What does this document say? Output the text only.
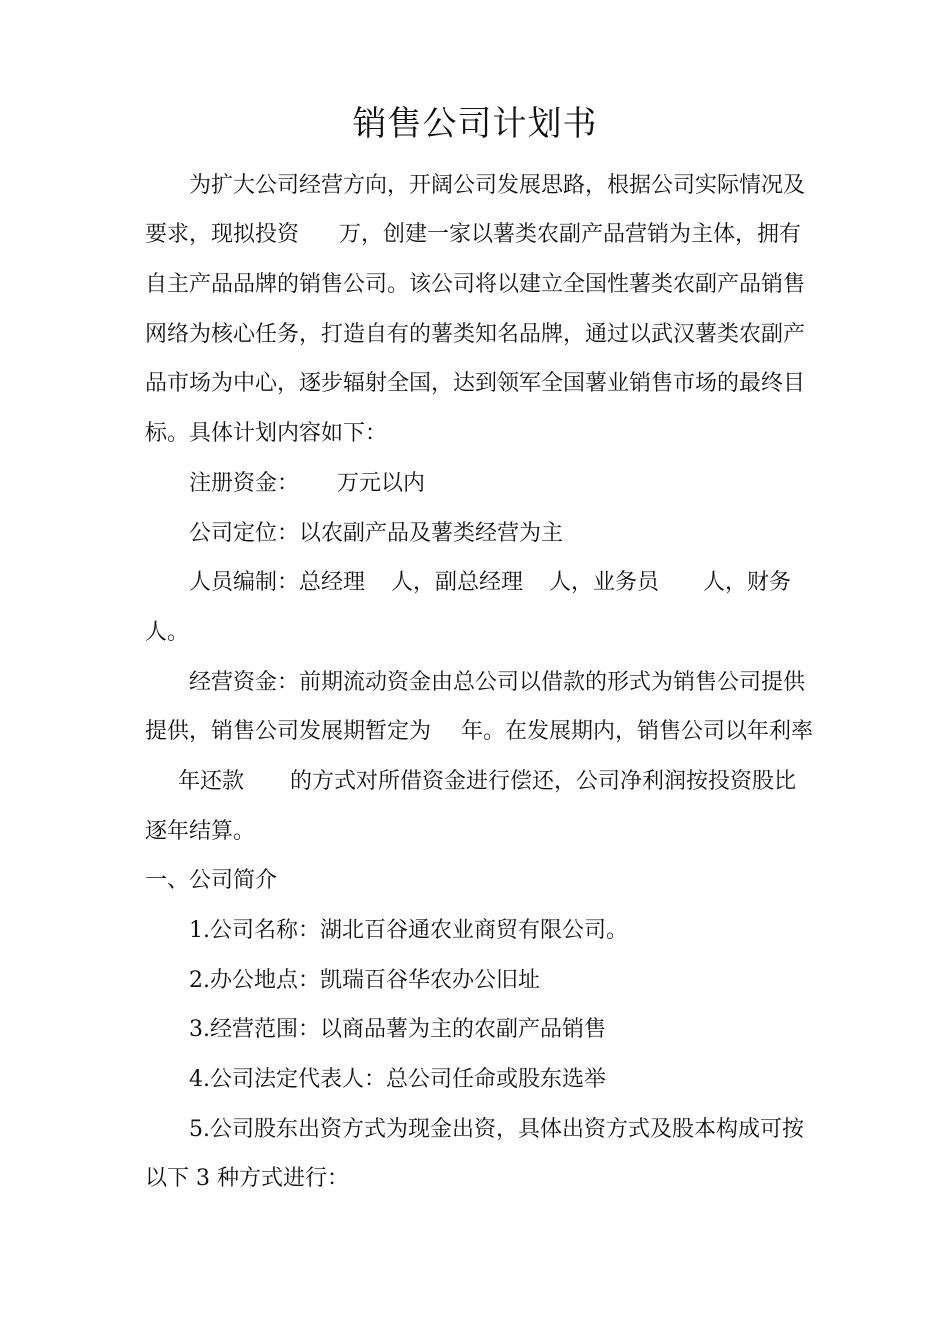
销售公司计划书
为扩大公司经营方向，开阔公司发展思路，根据公司实际情况及
要求，现拟投资 万，创建一家以薯类农副产品营销为主体，拥有
自主产品品牌的销售公司。该公司将以建立全国性薯类农副产品销售
网络为核心任务，打造自有的薯类知名品牌，通过以武汉薯类农副产
品市场为中心，逐步辐射全国，达到领军全国薯业销售市场的最终目
标。具体计划内容如下：
注册资金： 万元以内
公司定位：以农副产品及薯类经营为主
人员编制：总经理 人，副总经理 人，业务员 人，财务
人。
经营资金：前期流动资金由总公司以借款的形式为销售公司提供
提供，销售公司发展期暂定为 年。在发展期内，销售公司以年利率
年还款 的方式对所借资金进行偿还，公司净利润按投资股比
逐年结算。
一、公司简介
1.公司名称：湖北百谷通农业商贸有限公司。
2.办公地点：凯瑞百谷华农办公旧址
3.经营范围：以商品薯为主的农副产品销售
4.公司法定代表人：总公司任命或股东选举
5.公司股东出资方式为现金出资，具体出资方式及股本构成可按
以下 3 种方式进行：
